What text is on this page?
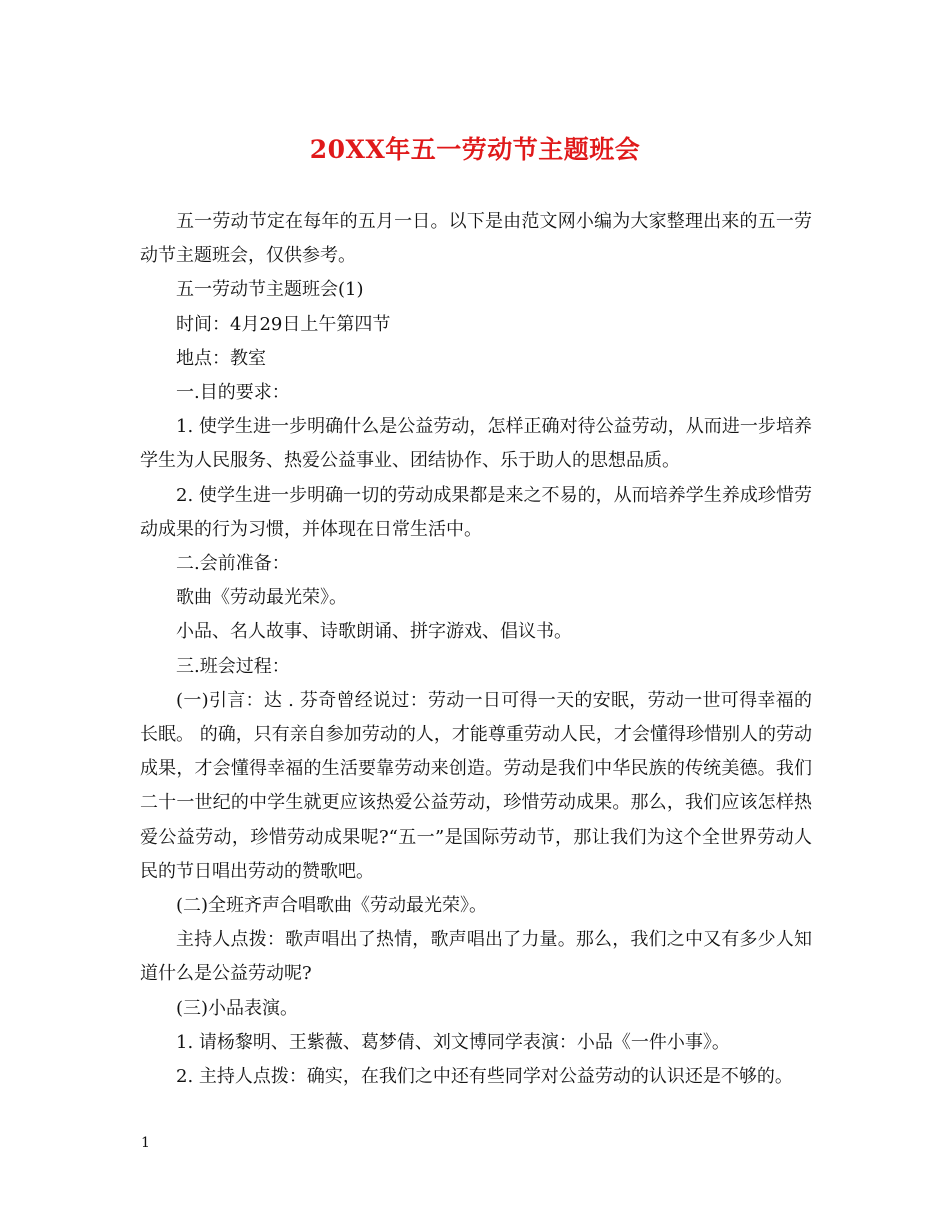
20XX年五一劳动节主题班会

五一劳动节定在每年的五月一日。以下是由范文网小编为大家整理出来的五一劳动节主题班会，仅供参考。

五一劳动节主题班会(1)

时间：4月29日上午第四节

地点：教室

一.目的要求：

1. 使学生进一步明确什么是公益劳动，怎样正确对待公益劳动，从而进一步培养学生为人民服务、热爱公益事业、团结协作、乐于助人的思想品质。

2. 使学生进一步明确一切的劳动成果都是来之不易的，从而培养学生养成珍惜劳动成果的行为习惯，并体现在日常生活中。

二.会前准备：

歌曲《劳动最光荣》。

小品、名人故事、诗歌朗诵、拼字游戏、倡议书。

三.班会过程：

(一)引言：达 . 芬奇曾经说过：劳动一日可得一天的安眠，劳动一世可得幸福的长眠。 的确，只有亲自参加劳动的人，才能尊重劳动人民，才会懂得珍惜别人的劳动成果，才会懂得幸福的生活要靠劳动来创造。劳动是我们中华民族的传统美德。我们二十一世纪的中学生就更应该热爱公益劳动，珍惜劳动成果。那么，我们应该怎样热爱公益劳动，珍惜劳动成果呢?“五一”是国际劳动节，那让我们为这个全世界劳动人民的节日唱出劳动的赞歌吧。

(二)全班齐声合唱歌曲《劳动最光荣》。

主持人点拨：歌声唱出了热情，歌声唱出了力量。那么，我们之中又有多少人知道什么是公益劳动呢?

(三)小品表演。

1. 请杨黎明、王紫薇、葛梦倩、刘文博同学表演：小品《一件小事》。

2. 主持人点拨：确实，在我们之中还有些同学对公益劳动的认识还是不够的。

1
